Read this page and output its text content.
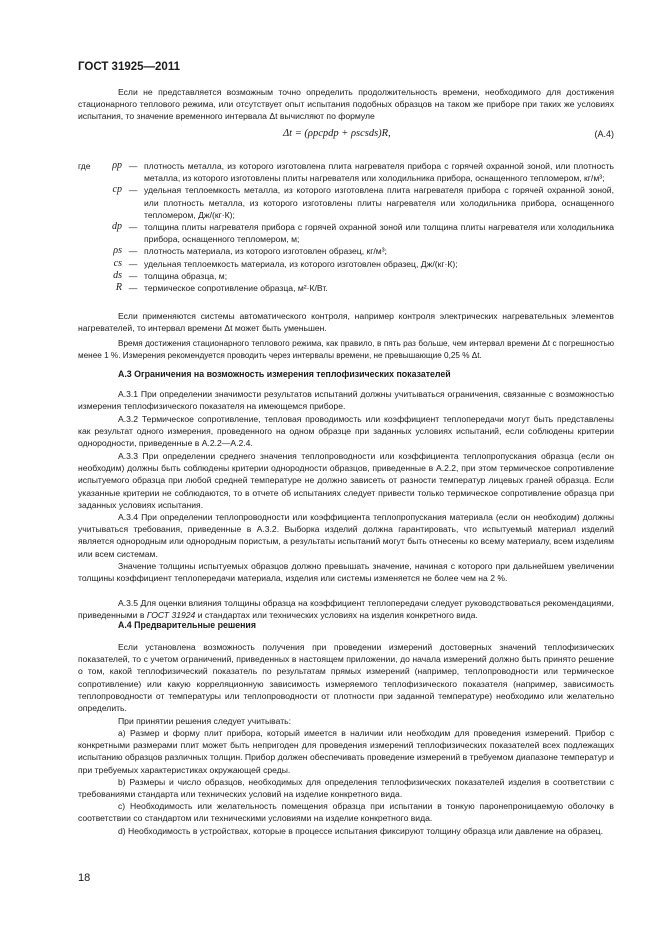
ГОСТ 31925—2011
Если не представляется возможным точно определить продолжительность времени, необходимого для достижения стационарного теплового режима, или отсутствует опыт испытания подобных образцов на таком же приборе при таких же условиях испытания, то значение временного интервала Δt вычисляют по формуле
Δt = (ρpcpdp + ρscsds)R,	(А.4)
где	ρp — плотность металла, из которого изготовлена плита нагревателя прибора с горячей охранной зоной, или плотность металла, из которого изготовлены плиты нагревателя или холодильника прибора, оснащенного тепломером, кг/м³;
cp — удельная теплоемкость металла, из которого изготовлена плита нагревателя прибора с горячей охранной зоной, или плотность металла, из которого изготовлены плиты нагревателя или холодильника прибора, оснащенного тепломером, Дж/(кг·К);
dp — толщина плиты нагревателя прибора с горячей охранной зоной или толщина плиты нагревателя или холодильника прибора, оснащенного тепломером, м;
ρs — плотность материала, из которого изготовлен образец, кг/м³;
cs — удельная теплоемкость материала, из которого изготовлен образец, Дж/(кг·К);
ds — толщина образца, м;
R — термическое сопротивление образца, м²·К/Вт.
Если применяются системы автоматического контроля, например контроля электрических нагревательных элементов нагревателей, то интервал времени Δt может быть уменьшен.
Время достижения стационарного теплового режима, как правило, в пять раз больше, чем интервал времени Δt с погрешностью менее 1 %. Измерения рекомендуется проводить через интервалы времени, не превышающие 0,25 % Δt.
А.3 Ограничения на возможность измерения теплофизических показателей
А.3.1 При определении значимости результатов испытаний должны учитываться ограничения, связанные с возможностью измерения теплофизического показателя на имеющемся приборе.
А.3.2 Термическое сопротивление, тепловая проводимость или коэффициент теплопередачи могут быть представлены как результат одного измерения, проведенного на одном образце при заданных условиях испытаний, если соблюдены критерии однородности, приведенные в А.2.2—А.2.4.
А.3.3 При определении среднего значения теплопроводности или коэффициента теплопропускания образца (если он необходим) должны быть соблюдены критерии однородности образцов, приведенные в А.2.2, при этом термическое сопротивление испытуемого образца при любой средней температуре не должно зависеть от разности температур лицевых граней образца. Если указанные критерии не соблюдаются, то в отчете об испытаниях следует привести только термическое сопротивление образца при заданных условиях испытания.
А.3.4 При определении теплопроводности или коэффициента теплопропускания материала (если он необходим) должны учитываться требования, приведенные в А.3.2. Выборка изделий должна гарантировать, что испытуемый материал изделий является однородным или однородным пористым, а результаты испытаний могут быть отнесены ко всему материалу, всем изделиям или всем системам.
Значение толщины испытуемых образцов должно превышать значение, начиная с которого при дальнейшем увеличении толщины коэффициент теплопередачи материала, изделия или системы изменяется не более чем на 2 %.
А.3.5 Для оценки влияния толщины образца на коэффициент теплопередачи следует руководствоваться рекомендациями, приведенными в ГОСТ 31924 и стандартах или технических условиях на изделия конкретного вида.
А.4 Предварительные решения
Если установлена возможность получения при проведении измерений достоверных значений теплофизических показателей, то с учетом ограничений, приведенных в настоящем приложении, до начала измерений должно быть принято решение о том, какой теплофизический показатель по результатам прямых измерений (например, теплопроводности или термическое сопротивление) или какую корреляционную зависимость измеряемого теплофизического показателя (например, зависимость теплопроводности от температуры или теплопроводности от плотности при заданной температуре) необходимо или желательно определить.
При принятии решения следует учитывать:
а) Размер и форму плит прибора, который имеется в наличии или необходим для проведения измерений. Прибор с конкретными размерами плит может быть непригоден для проведения измерений теплофизических показателей всех подлежащих испытанию образцов различных толщин. Прибор должен обеспечивать проведение измерений в требуемом диапазоне температур и при требуемых характеристиках окружающей среды.
b) Размеры и число образцов, необходимых для определения теплофизических показателей изделия в соответствии с требованиями стандарта или технических условий на изделие конкретного вида.
c) Необходимость или желательность помещения образца при испытании в тонкую паронепроницаемую оболочку в соответствии со стандартом или техническими условиями на изделие конкретного вида.
d) Необходимость в устройствах, которые в процессе испытания фиксируют толщину образца или давление на образец.
18
